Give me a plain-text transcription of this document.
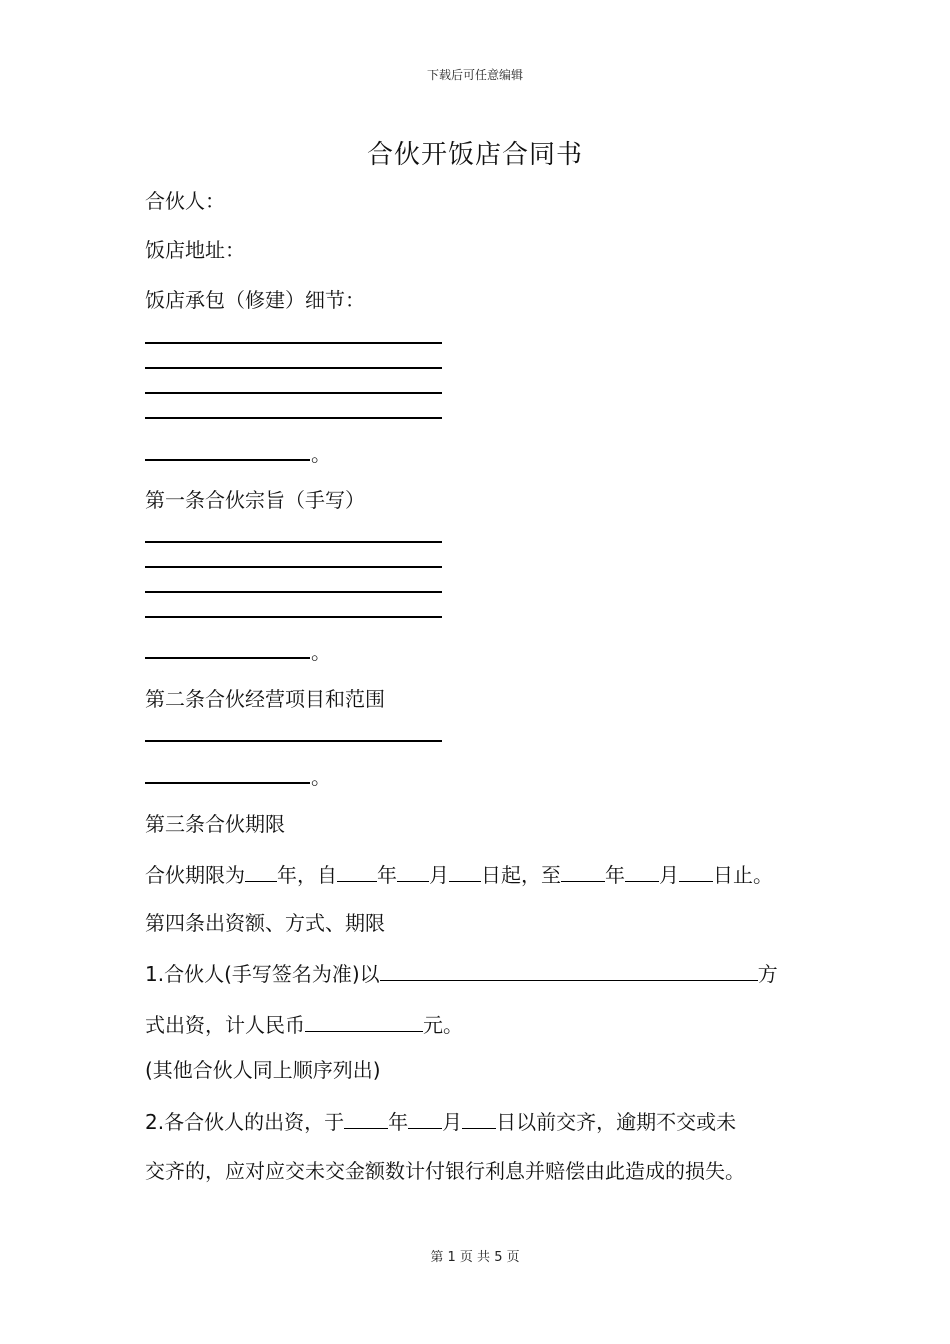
下载后可任意编辑
合伙开饭店合同书
合伙人：
饭店地址：
饭店承包（修建）细节：
。
第一条合伙宗旨（手写）
。
第二条合伙经营项目和范围
。
第三条合伙期限
合伙期限为 年，自 年 月 日起，至 年 月 日止。
第四条出资额、方式、期限
1.合伙人(手写签名为准)以	方
式出资，计人民币	元。
(其他合伙人同上顺序列出)
2.各合伙人的出资，于 年 月 日以前交齐，逾期不交或未
交齐的，应对应交未交金额数计付银行利息并赔偿由此造成的损失。
第 1 页 共 5 页
